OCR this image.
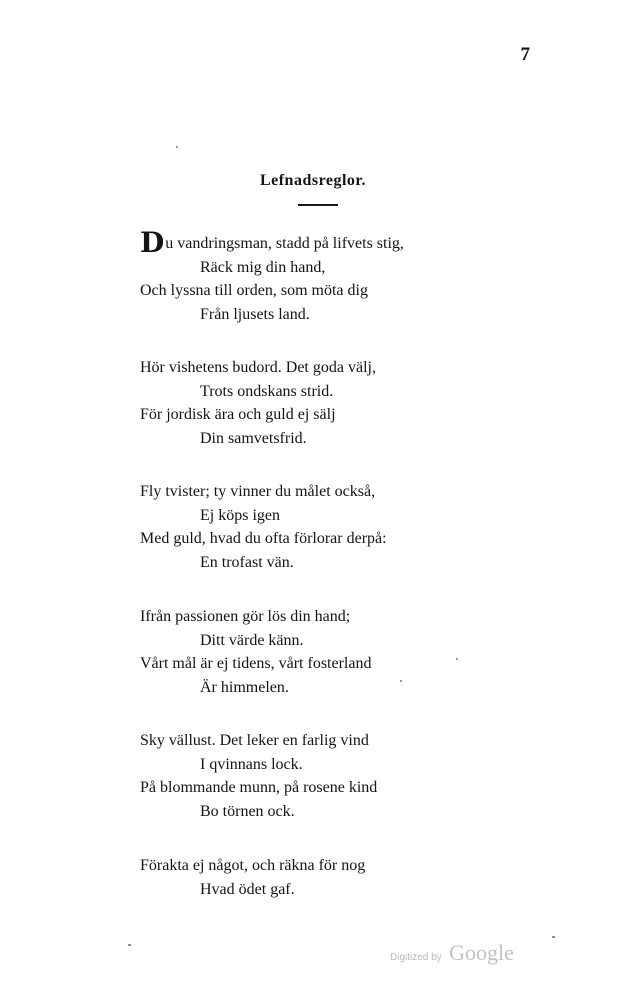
7
Lefnadsreglor.
Du vandringsman, stadd på lifvets stig,
Räck mig din hand,
Och lyssna till orden, som möta dig
Från ljusets land.
Hör vishetens budord. Det goda välj,
Trots ondskans strid.
För jordisk ära och guld ej sälj
Din samvetsfrid.
Fly tvister; ty vinner du målet också,
Ej köps igen
Med guld, hvad du ofta förlorar derpå:
En trofast vän.
Ifrån passionen gör lös din hand;
Ditt värde känn.
Vårt mål är ej tidens, vårt fosterland
Är himmelen.
Sky vällust. Det leker en farlig vind
I qvinnans lock.
På blommande munn, på rosene kind
Bo törnen ock.
Förakta ej något, och räkna för nog
Hvad ödet gaf.
Digitized by Google
